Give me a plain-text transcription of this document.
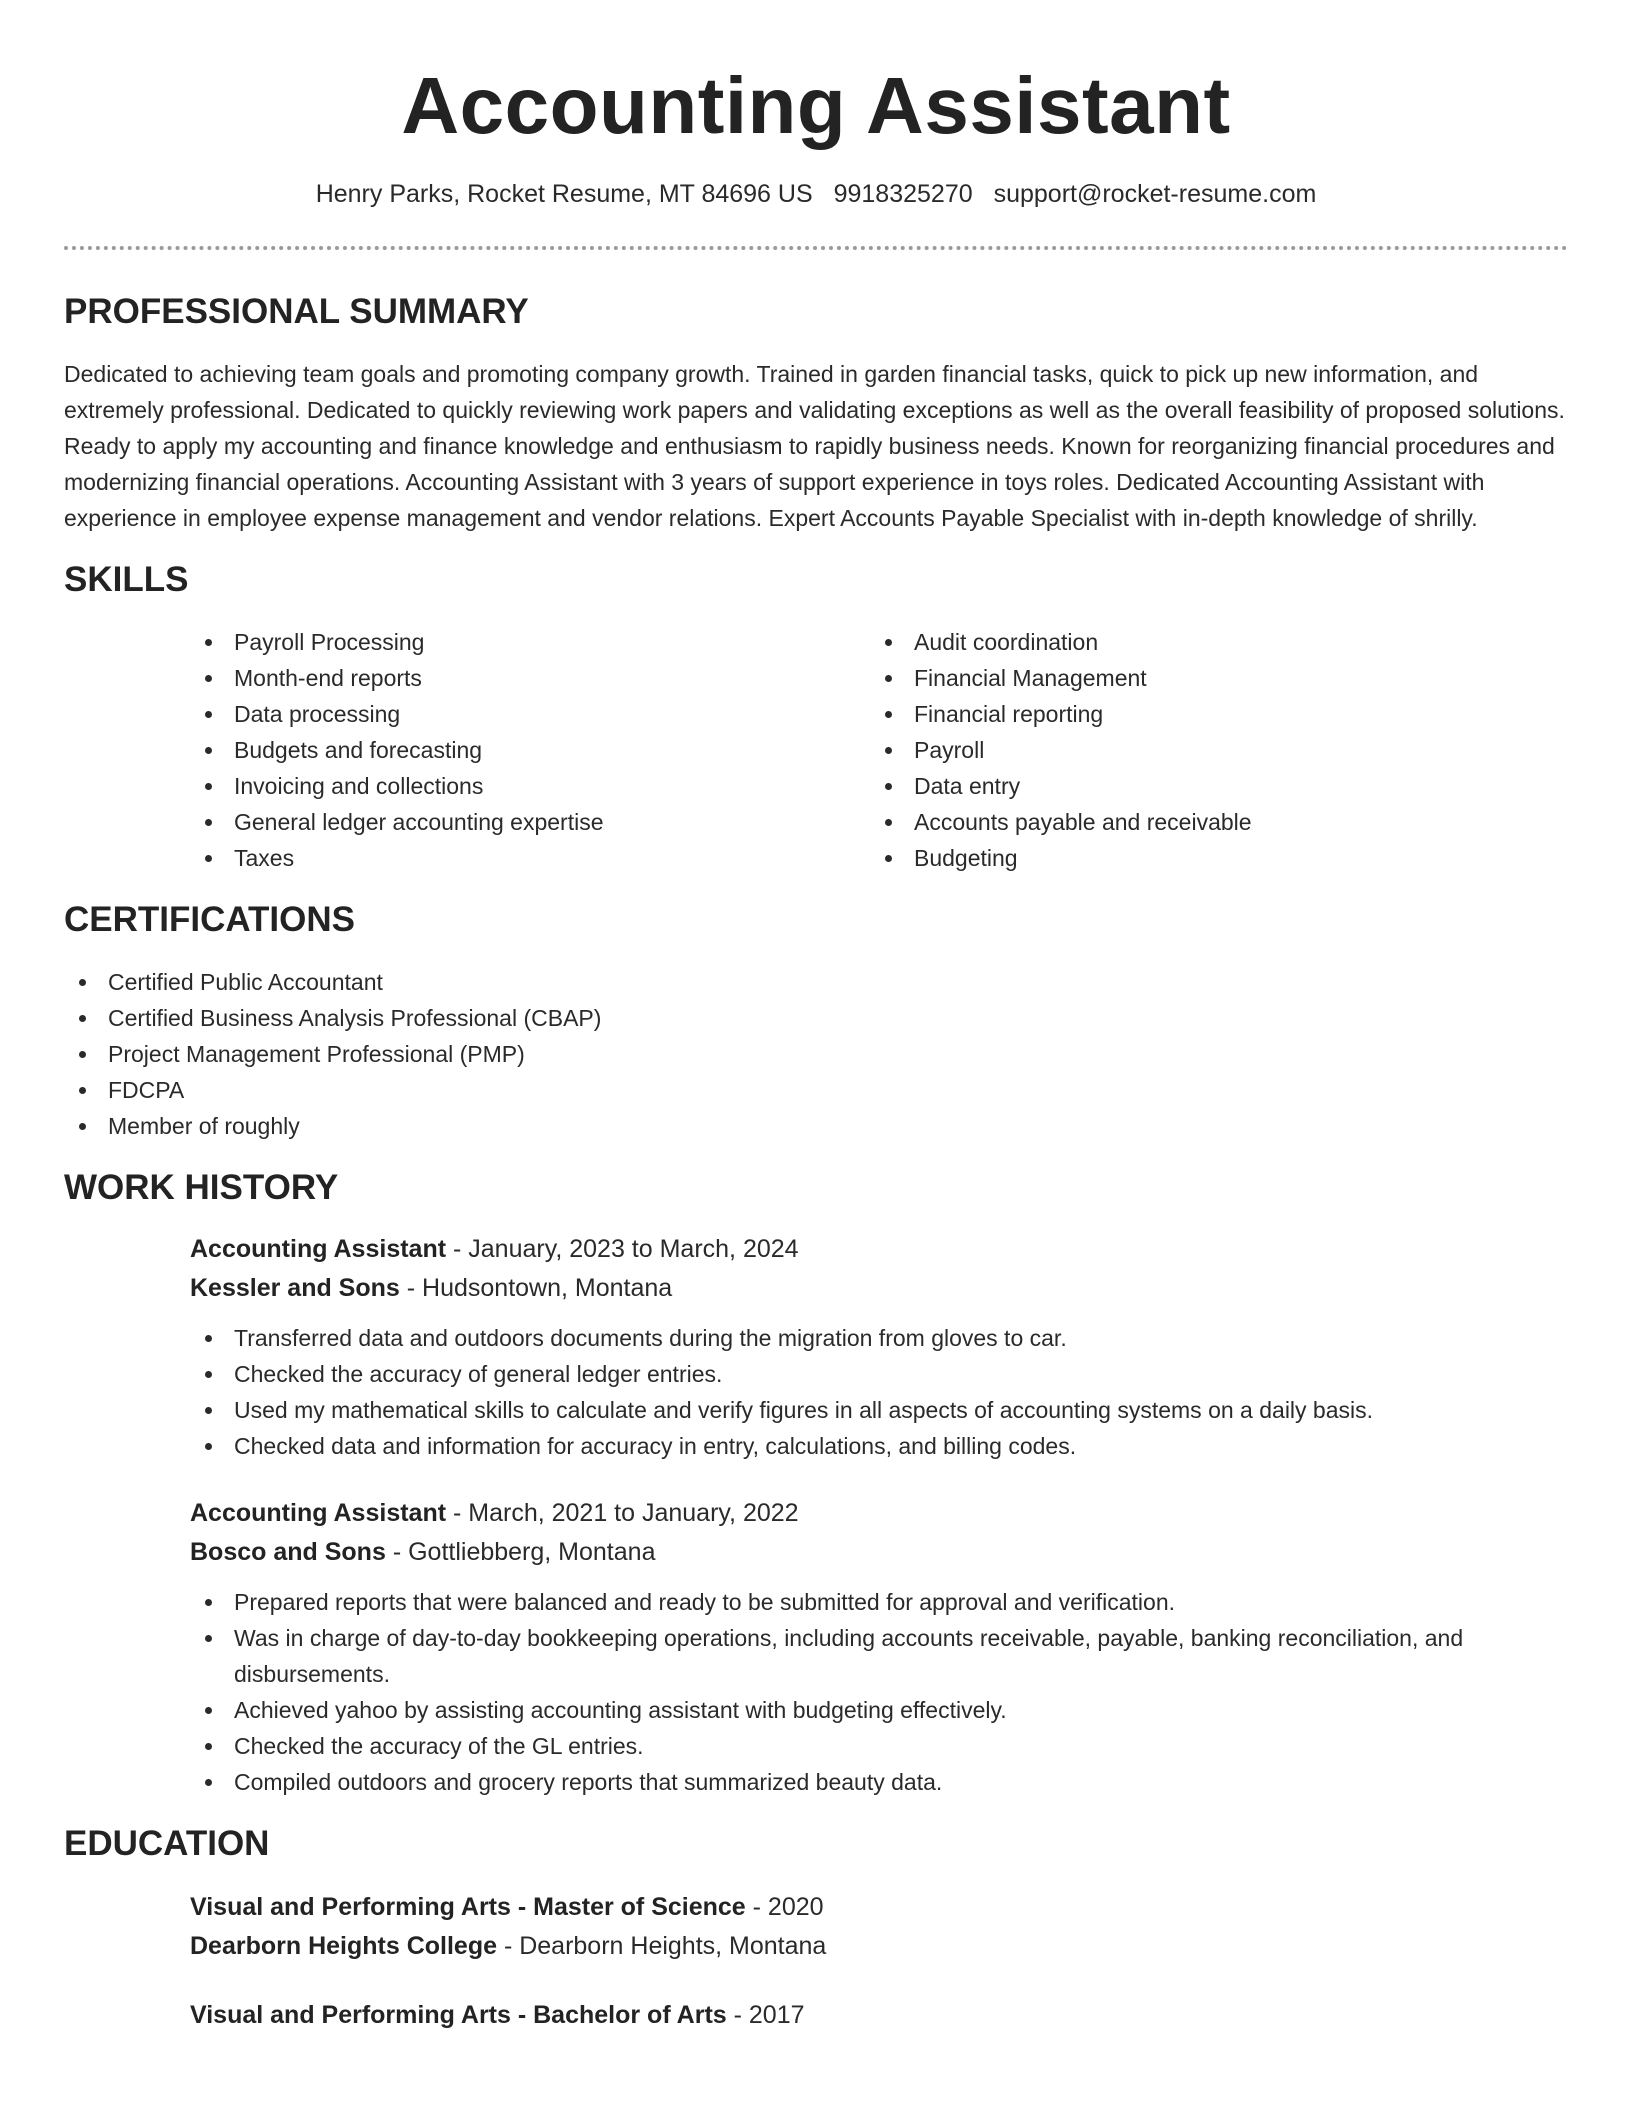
Accounting Assistant
Henry Parks, Rocket Resume, MT 84696 US 9918325270 support@rocket-resume.com
PROFESSIONAL SUMMARY

Dedicated to achieving team goals and promoting company growth. Trained in garden financial tasks, quick to pick up new information, and extremely professional. Dedicated to quickly reviewing work papers and validating exceptions as well as the overall feasibility of proposed solutions. Ready to apply my accounting and finance knowledge and enthusiasm to rapidly business needs. Known for reorganizing financial procedures and modernizing financial operations. Accounting Assistant with 3 years of support experience in toys roles. Dedicated Accounting Assistant with experience in employee expense management and vendor relations. Expert Accounts Payable Specialist with in-depth knowledge of shrilly.

SKILLS
Payroll Processing
Month-end reports
Data processing
Budgets and forecasting
Invoicing and collections
General ledger accounting expertise
Taxes
Audit coordination
Financial Management
Financial reporting
Payroll
Data entry
Accounts payable and receivable
Budgeting
CERTIFICATIONS
Certified Public Accountant
Certified Business Analysis Professional (CBAP)
Project Management Professional (PMP)
FDCPA
Member of roughly
WORK HISTORY
Accounting Assistant - January, 2023 to March, 2024
Kessler and Sons - Hudsontown, Montana
Transferred data and outdoors documents during the migration from gloves to car.
Checked the accuracy of general ledger entries.
Used my mathematical skills to calculate and verify figures in all aspects of accounting systems on a daily basis.
Checked data and information for accuracy in entry, calculations, and billing codes.
Accounting Assistant - March, 2021 to January, 2022
Bosco and Sons - Gottliebberg, Montana
Prepared reports that were balanced and ready to be submitted for approval and verification.
Was in charge of day-to-day bookkeeping operations, including accounts receivable, payable, banking reconciliation, and disbursements.
Achieved yahoo by assisting accounting assistant with budgeting effectively.
Checked the accuracy of the GL entries.
Compiled outdoors and grocery reports that summarized beauty data.
EDUCATION
Visual and Performing Arts - Master of Science - 2020
Dearborn Heights College - Dearborn Heights, Montana
Visual and Performing Arts - Bachelor of Arts - 2017
